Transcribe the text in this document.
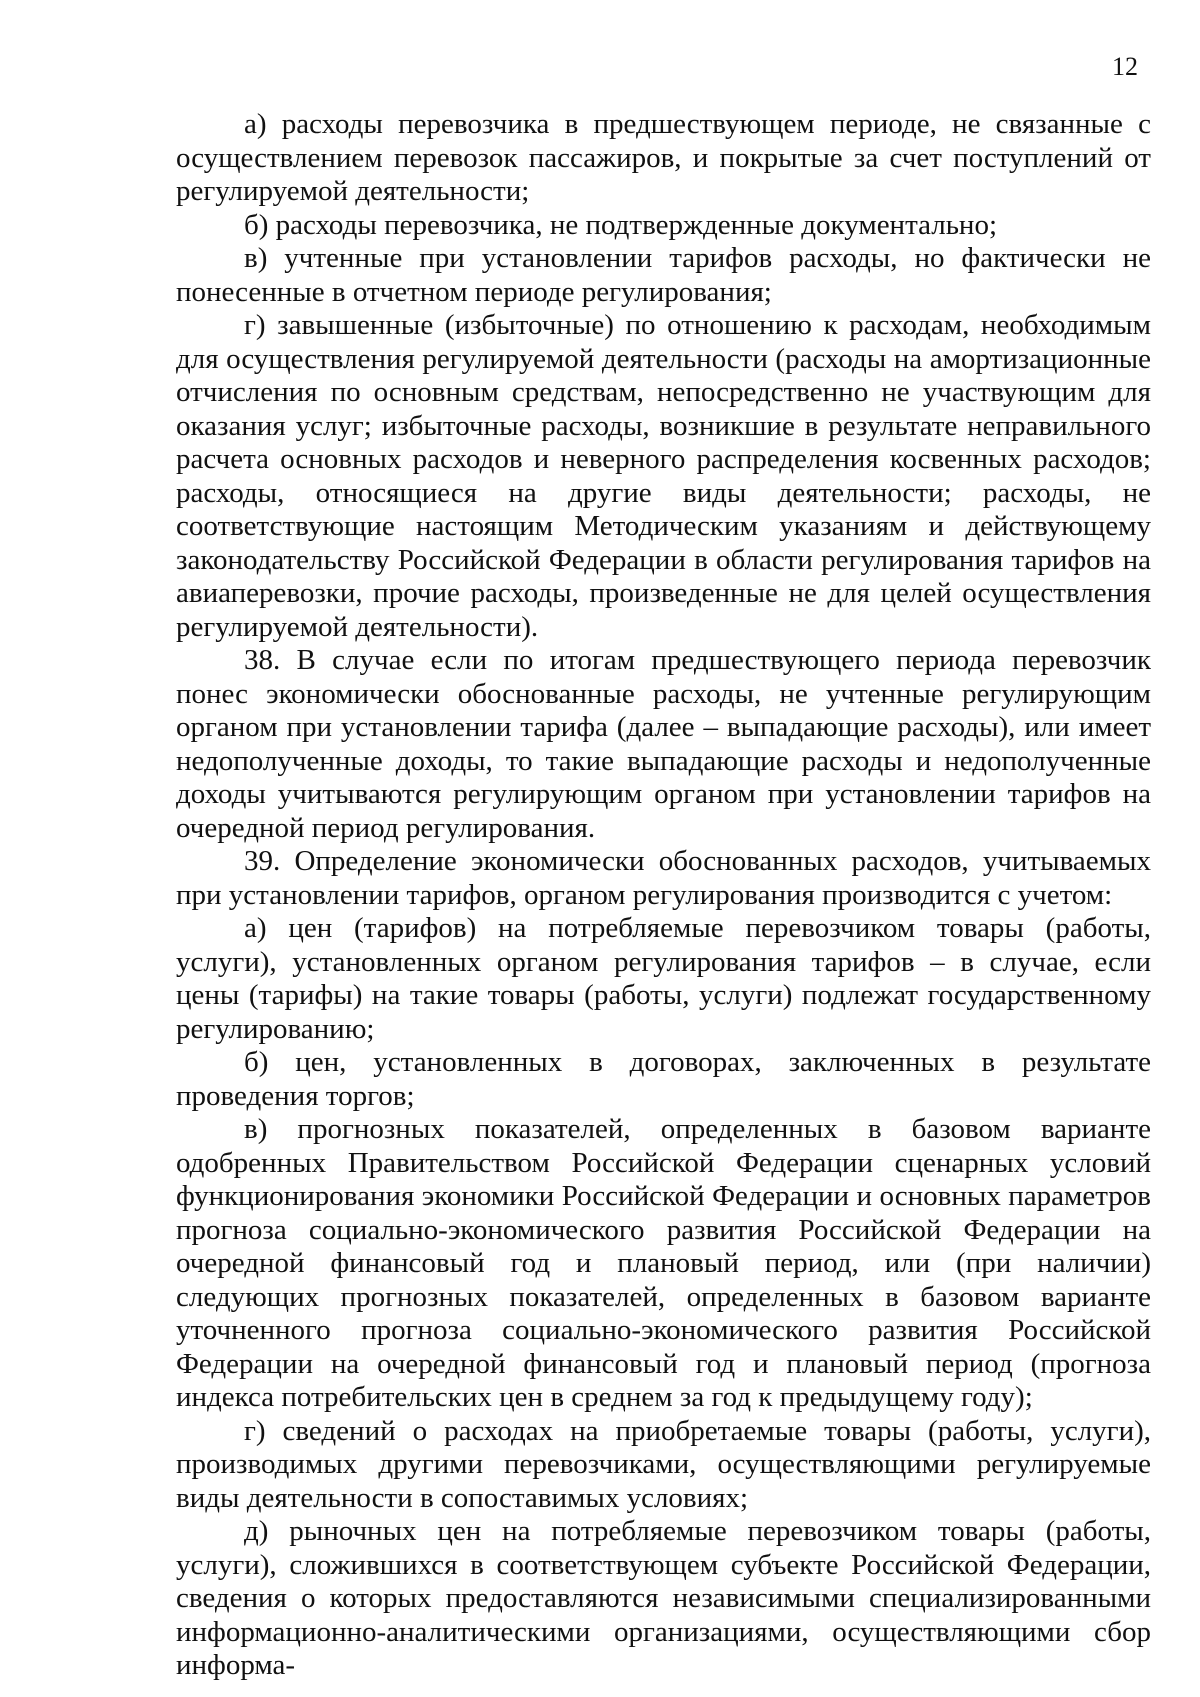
12

а) расходы перевозчика в предшествующем периоде, не связанные с осуществлением перевозок пассажиров, и покрытые за счет поступлений от регулируемой деятельности;

б) расходы перевозчика, не подтвержденные документально;

в) учтенные при установлении тарифов расходы, но фактически не понесенные в отчетном периоде регулирования;

г) завышенные (избыточные) по отношению к расходам, необходимым для осуществления регулируемой деятельности (расходы на амортизационные отчисления по основным средствам, непосредственно не участвующим для оказания услуг; избыточные расходы, возникшие в результате неправильного расчета основных расходов и неверного распределения косвенных расходов; расходы, относящиеся на другие виды деятельности; расходы, не соответствующие настоящим Методическим указаниям и действующему законодательству Российской Федерации в области регулирования тарифов на авиаперевозки, прочие расходы, произведенные не для целей осуществления регулируемой деятельности).

38. В случае если по итогам предшествующего периода перевозчик понес экономически обоснованные расходы, не учтенные регулирующим органом при установлении тарифа (далее – выпадающие расходы), или имеет недополученные доходы, то такие выпадающие расходы и недополученные доходы учитываются регулирующим органом при установлении тарифов на очередной период регулирования.

39. Определение экономически обоснованных расходов, учитываемых при установлении тарифов, органом регулирования производится с учетом:

а) цен (тарифов) на потребляемые перевозчиком товары (работы, услуги), установленных органом регулирования тарифов – в случае, если цены (тарифы) на такие товары (работы, услуги) подлежат государственному регулированию;

б) цен, установленных в договорах, заключенных в результате проведения торгов;

в) прогнозных показателей, определенных в базовом варианте одобренных Правительством Российской Федерации сценарных условий функционирования экономики Российской Федерации и основных параметров прогноза социально-экономического развития Российской Федерации на очередной финансовый год и плановый период, или (при наличии) следующих прогнозных показателей, определенных в базовом варианте уточненного прогноза социально-экономического развития Российской Федерации на очередной финансовый год и плановый период (прогноза индекса потребительских цен в среднем за год к предыдущему году);

г) сведений о расходах на приобретаемые товары (работы, услуги), производимых другими перевозчиками, осуществляющими регулируемые виды деятельности в сопоставимых условиях;

д) рыночных цен на потребляемые перевозчиком товары (работы, услуги), сложившихся в соответствующем субъекте Российской Федерации, сведения о которых предоставляются независимыми специализированными информационно-аналитическими организациями, осуществляющими сбор информа-
